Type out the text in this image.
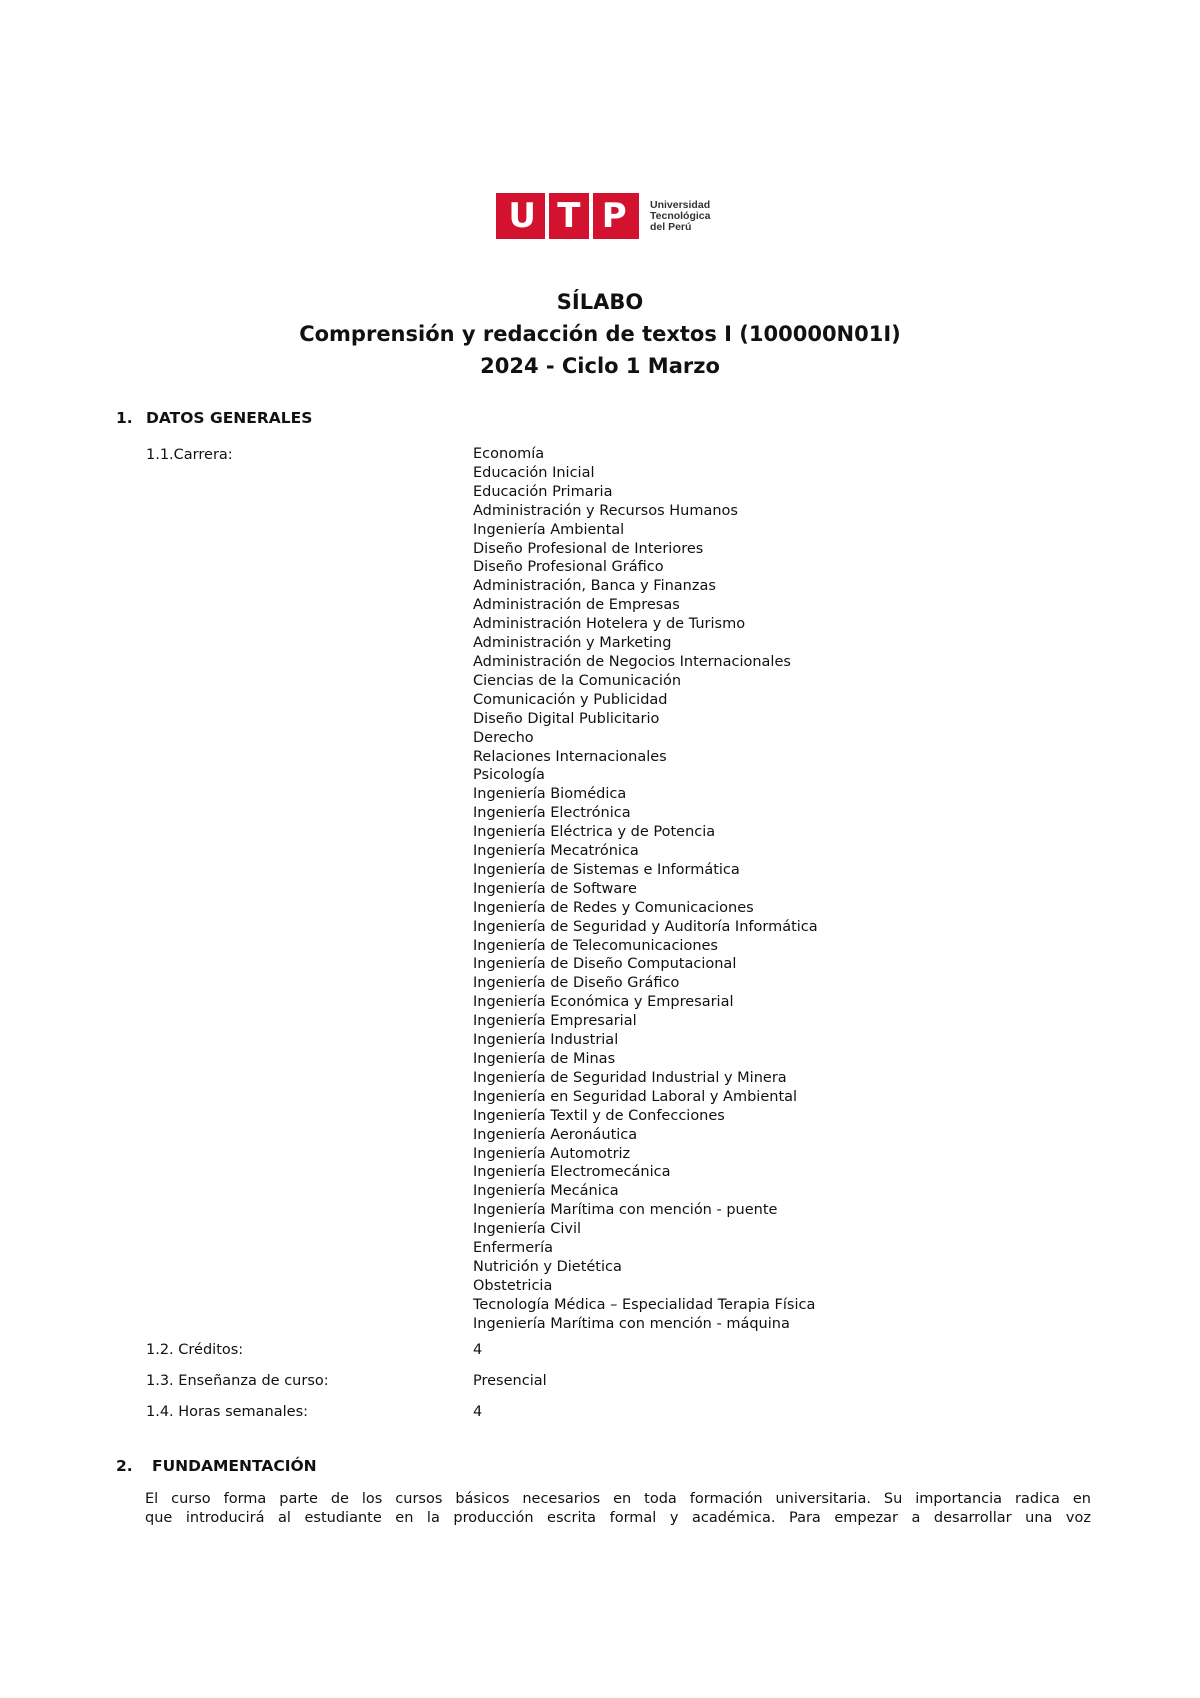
U T P Universidad
Tecnológica
del Perú
SÍLABO
Comprensión y redacción de textos I (100000N01I)
2024 - Ciclo 1 Marzo
1. DATOS GENERALES
1.1.Carrera:	Economía
Educación Inicial
Educación Primaria
Administración y Recursos Humanos
Ingeniería Ambiental
Diseño Profesional de Interiores
Diseño Profesional Gráfico
Administración, Banca y Finanzas
Administración de Empresas
Administración Hotelera y de Turismo
Administración y Marketing
Administración de Negocios Internacionales
Ciencias de la Comunicación
Comunicación y Publicidad
Diseño Digital Publicitario
Derecho
Relaciones Internacionales
Psicología
Ingeniería Biomédica
Ingeniería Electrónica
Ingeniería Eléctrica y de Potencia
Ingeniería Mecatrónica
Ingeniería de Sistemas e Informática
Ingeniería de Software
Ingeniería de Redes y Comunicaciones
Ingeniería de Seguridad y Auditoría Informática
Ingeniería de Telecomunicaciones
Ingeniería de Diseño Computacional
Ingeniería de Diseño Gráfico
Ingeniería Económica y Empresarial
Ingeniería Empresarial
Ingeniería Industrial
Ingeniería de Minas
Ingeniería de Seguridad Industrial y Minera
Ingeniería en Seguridad Laboral y Ambiental
Ingeniería Textil y de Confecciones
Ingeniería Aeronáutica
Ingeniería Automotriz
Ingeniería Electromecánica
Ingeniería Mecánica
Ingeniería Marítima con mención - puente
Ingeniería Civil
Enfermería
Nutrición y Dietética
Obstetricia
Tecnología Médica – Especialidad Terapia Física
Ingeniería Marítima con mención - máquina
1.2. Créditos:	4
1.3. Enseñanza de curso:	Presencial
1.4. Horas semanales:	4
2. FUNDAMENTACIÓN
El curso forma parte de los cursos básicos necesarios en toda formación universitaria. Su importancia radica en
que introducirá al estudiante en la producción escrita formal y académica. Para empezar a desarrollar una voz
